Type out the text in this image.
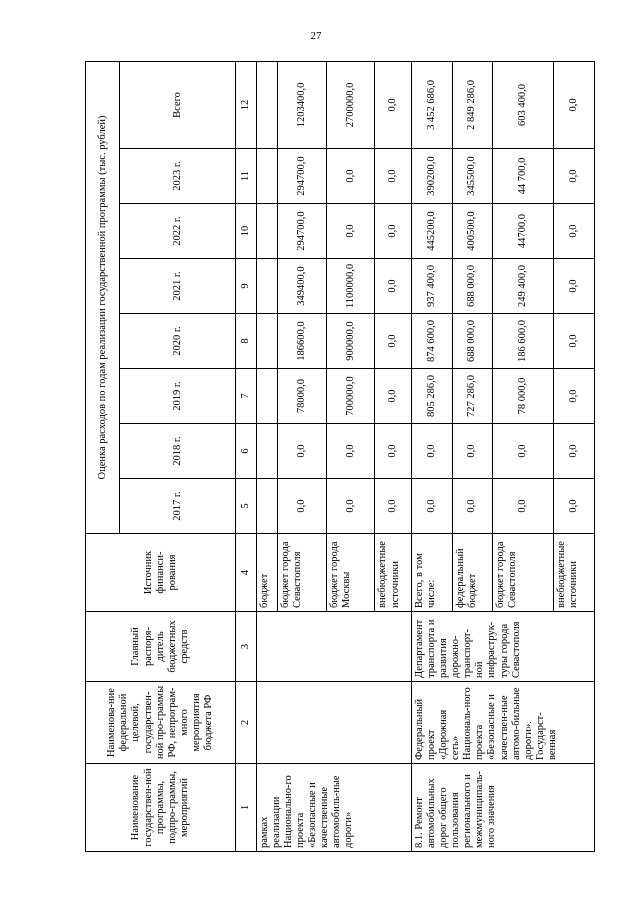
27
Наименование государствен-ной программы, подпро-граммы, мероприятий	Наименова-ние федеральной целевой, государствен-ной про-граммы РФ, непрограм-много мероприятия бюджета РФ	Главный распоря-дитель бюджетных средств	Источник финанси-рования	Оценка расходов по годам реализации государственной программы (тыс. рублей)							
				2017 г.	2018 г.	2019 г.	2020 г.	2021 г.	2022 г.	2023 г.	Всего
1	2	3	4	5	6	7	8	9	10	11	12
рамках реализации Национально-го проекта «Безопасные и качественные автомобиль-ные дороги»			бюджет								
			бюджет города Севастополя	0,0	0,0	78000,0	186600,0	349400,0	294700,0	294700,0	1203400,0
			бюджет города Москвы	0,0	0,0	700000,0	900000,0	1100000,0	0,0	0,0	2700000,0
			внебюджетные источники	0,0	0,0	0,0	0,0	0,0	0,0	0,0	0,0
8.1. Ремонт автомобильных дорог общего пользования регионального и межмуниципаль-ного значения	Федеральный проект «Дорожная сеть» Националь-ного проекта «Безопасные и качествен-ные автомо-бильные дороги». Государст-венная	Департамент транспорта и развития дорожно-транспорт-ной инфраструк-туры города Севастополя	Всего, в том числе:	0,0	0,0	805 286,0	874 600,0	937 400,0	445200,0	390200,0	3 452 686,0
			федеральный бюджет	0,0	0,0	727 286,0	688 000,0	688 000,0	400500,0	345500,0	2 849 286,0
			бюджет города Севастополя	0,0	0,0	78 000,0	186 600,0	249 400,0	44700,0	44 700,0	603 400,0
			внебюджетные источники	0,0	0,0	0,0	0,0	0,0	0,0	0,0	0,0
